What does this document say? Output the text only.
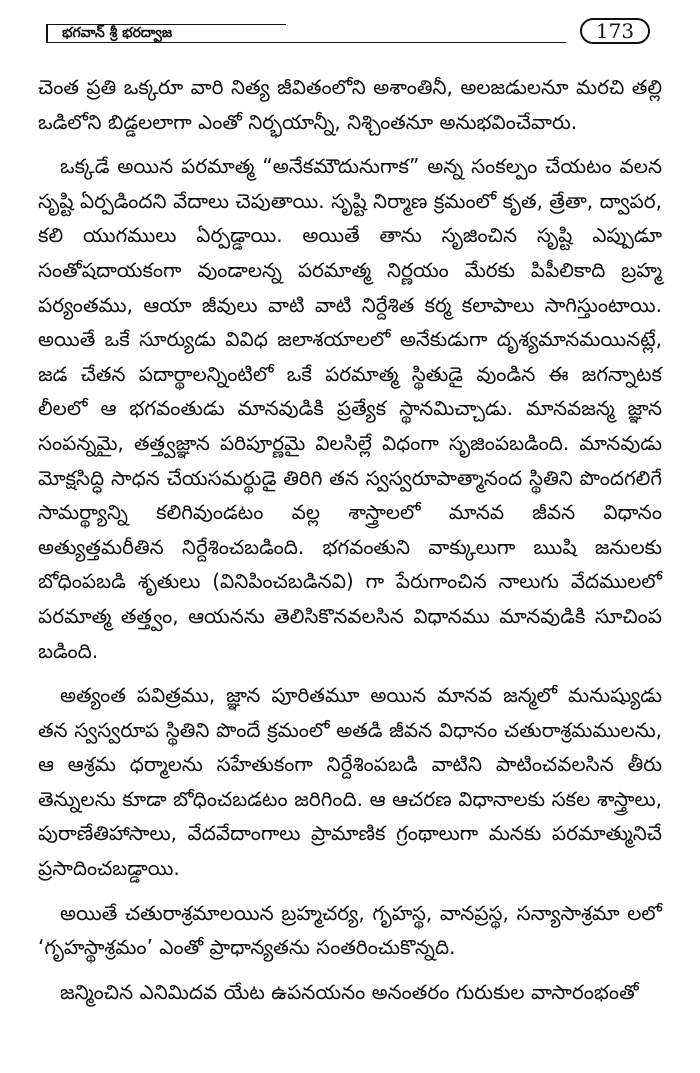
భగవాన్ శ్రీ భరద్వాజ	173

చెంత ప్రతి ఒక్కరూ వారి నిత్య జీవితంలోని అశాంతినీ, అలజడులనూ మరచి తల్లి ఒడిలోని బిడ్డలలాగా ఎంతో నిర్భయాన్నీ, నిశ్చింతనూ అనుభవించేవారు.

ఒక్కడే అయిన పరమాత్మ “అనేకమౌదునుగాక” అన్న సంకల్పం చేయటం వలన సృష్టి ఏర్పడిందని వేదాలు చెపుతాయి. సృష్టి నిర్మాణ క్రమంలో కృత, త్రేతా, ద్వాపర, కలి యుగములు ఏర్పడ్డాయి. అయితే తాను సృజించిన సృష్టి ఎప్పుడూ సంతోషదాయకంగా వుండాలన్న పరమాత్మ నిర్ణయం మేరకు పిపీలికాది బ్రహ్మ పర్యంతము, ఆయా జీవులు వాటి వాటి నిర్దేశిత కర్మ కలాపాలు సాగిస్తుంటాయి. అయితే ఒకే సూర్యుడు వివిధ జలాశయాలలో అనేకుడుగా దృశ్యమానమయినట్లే, జడ చేతన పదార్థాలన్నింటిలో ఒకే పరమాత్మ స్థితుడై వుండిన ఈ జగన్నాటక లీలలో ఆ భగవంతుడు మానవుడికి ప్రత్యేక స్థానమిచ్చాడు. మానవజన్మ జ్ఞాన సంపన్నమై, తత్త్వజ్ఞాన పరిపూర్ణమై విలసిల్లే విధంగా సృజింపబడింది. మానవుడు మోక్షసిద్ధి సాధన చేయసమర్థుడై తిరిగి తన స్వస్వరూపాత్మానంద స్థితిని పొందగలిగే సామర్థ్యాన్ని కలిగివుండటం వల్ల శాస్త్రాలలో మానవ జీవన విధానం అత్యుత్తమరీతిన నిర్దేశించబడింది. భగవంతుని వాక్కులుగా ఋషి జనులకు బోధింపబడి శృతులు (వినిపించబడినవి) గా పేరుగాంచిన నాలుగు వేదములలో పరమాత్మ తత్త్వం, ఆయనను తెలిసికొనవలసిన విధానము మానవుడికి సూచింప బడింది.

అత్యంత పవిత్రము, జ్ఞాన పూరితమూ అయిన మానవ జన్మలో మనుష్యుడు తన స్వస్వరూప స్థితిని పొందే క్రమంలో అతడి జీవన విధానం చతురాశ్రమములను, ఆ ఆశ్రమ ధర్మాలను సహేతుకంగా నిర్దేశింపబడి వాటిని పాటించవలసిన తీరు తెన్నులను కూడా బోధించబడటం జరిగింది. ఆ ఆచరణ విధానాలకు సకల శాస్త్రాలు, పురాణేతిహాసాలు, వేదవేదాంగాలు ప్రామాణిక గ్రంథాలుగా మనకు పరమాత్మునిచే ప్రసాదించబడ్డాయి.

అయితే చతురాశ్రమాలయిన బ్రహ్మచర్య, గృహస్థ, వానప్రస్థ, సన్యాసాశ్రమా లలో ‘గృహస్థాశ్రమం’ ఎంతో ప్రాధాన్యతను సంతరించుకొన్నది.

జన్మించిన ఎనిమిదవ యేట ఉపనయనం అనంతరం గురుకుల వాసారంభంతో
